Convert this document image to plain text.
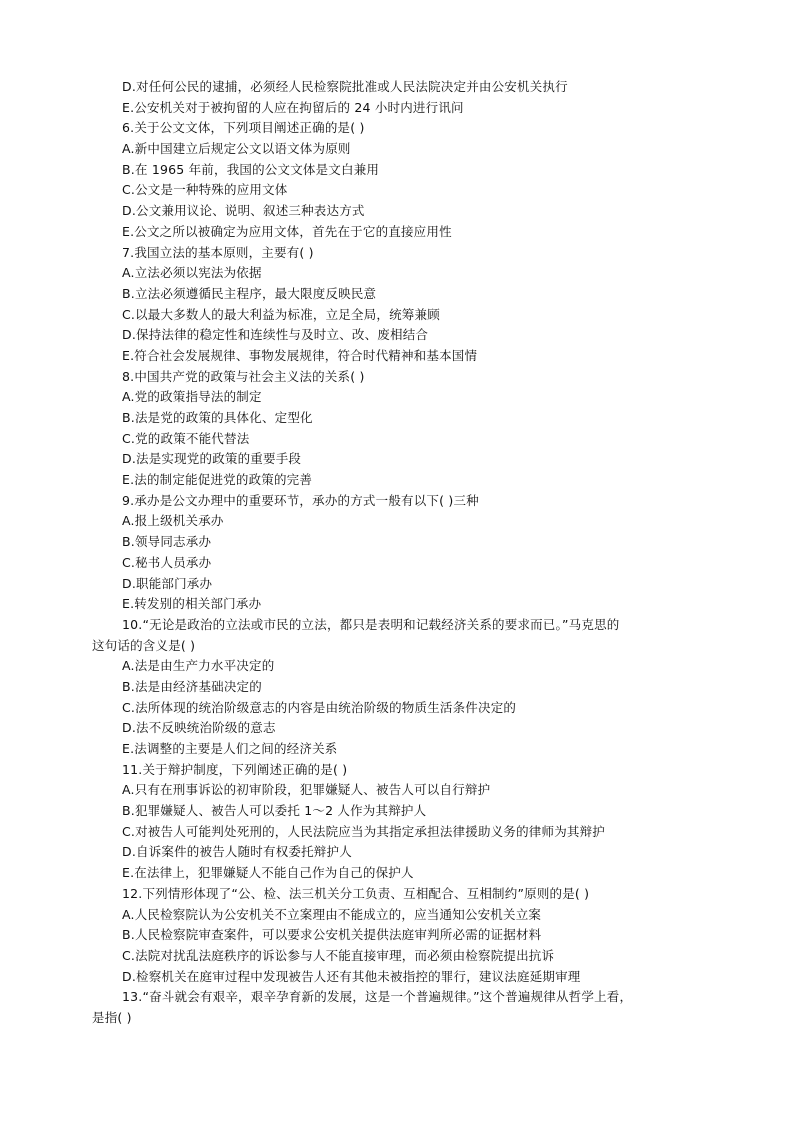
D.对任何公民的逮捕，必须经人民检察院批准或人民法院决定并由公安机关执行
E.公安机关对于被拘留的人应在拘留后的 24 小时内进行讯问
6.关于公文文体，下列项目阐述正确的是( )
A.新中国建立后规定公文以语文体为原则
B.在 1965 年前，我国的公文文体是文白兼用
C.公文是一种特殊的应用文体
D.公文兼用议论、说明、叙述三种表达方式
E.公文之所以被确定为应用文体，首先在于它的直接应用性
7.我国立法的基本原则，主要有( )
A.立法必须以宪法为依据
B.立法必须遵循民主程序，最大限度反映民意
C.以最大多数人的最大利益为标准，立足全局，统筹兼顾
D.保持法律的稳定性和连续性与及时立、改、废相结合
E.符合社会发展规律、事物发展规律，符合时代精神和基本国情
8.中国共产党的政策与社会主义法的关系( )
A.党的政策指导法的制定
B.法是党的政策的具体化、定型化
C.党的政策不能代替法
D.法是实现党的政策的重要手段
E.法的制定能促进党的政策的完善
9.承办是公文办理中的重要环节，承办的方式一般有以下( )三种
A.报上级机关承办
B.领导同志承办
C.秘书人员承办
D.职能部门承办
E.转发别的相关部门承办
10.“无论是政治的立法或市民的立法，都只是表明和记载经济关系的要求而已。”马克思的
这句话的含义是( )
A.法是由生产力水平决定的
B.法是由经济基础决定的
C.法所体现的统治阶级意志的内容是由统治阶级的物质生活条件决定的
D.法不反映统治阶级的意志
E.法调整的主要是人们之间的经济关系
11.关于辩护制度，下列阐述正确的是( )
A.只有在刑事诉讼的初审阶段，犯罪嫌疑人、被告人可以自行辩护
B.犯罪嫌疑人、被告人可以委托 1～2 人作为其辩护人
C.对被告人可能判处死刑的，人民法院应当为其指定承担法律援助义务的律师为其辩护
D.自诉案件的被告人随时有权委托辩护人
E.在法律上，犯罪嫌疑人不能自己作为自己的保护人
12.下列情形体现了“公、检、法三机关分工负责、互相配合、互相制约”原则的是( )
A.人民检察院认为公安机关不立案理由不能成立的，应当通知公安机关立案
B.人民检察院审查案件，可以要求公安机关提供法庭审判所必需的证据材料
C.法院对扰乱法庭秩序的诉讼参与人不能直接审理，而必须由检察院提出抗诉
D.检察机关在庭审过程中发现被告人还有其他未被指控的罪行，建议法庭延期审理
13.“奋斗就会有艰辛，艰辛孕育新的发展，这是一个普遍规律。”这个普遍规律从哲学上看，
是指( )
